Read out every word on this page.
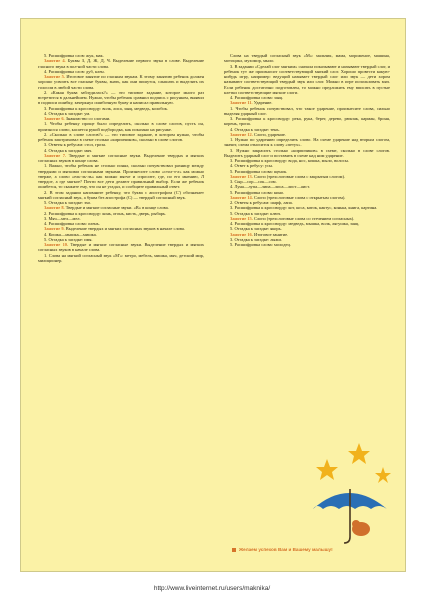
5. Расшифровка слов: жук, мак.

Занятие 4. Буквы З, Д, Ж, Д, Ч. Выделение первого звука в слове. Выделение гласного звука в пол-ной части слова.

4. Расшифровка слов: дуб, клен.

Занятие 5. Итоговое занятие по гласным звукам. К этому занятию ребенок должен хорошо усвоить все гласные буквы, знать, как они пишутся, слышать и выделять их голосом в любой части слова.

2. «Какая буква заблудилась?» — это типовое задание, которое много раз встретится в дальнейшем. Нужно, чтобы ребенок сравнил подпись с рисунком, выявил в подписи ошибку, зачеркнул ошибочную букву и написал правильную.

3. Расшифровка к кроссворду: волк, лиса, заяц, медведь, колобок.

4. Отгадка к загадке: ум.

Занятие 6. Знакомство со слогами.

1. Чтобы ребенку проще было определить, сколько в слове слогов, пусть он, произнося слово, касается рукой подбородка, как показано на рисунке.

2. «Сколько в слове слогов?» — это типовое задание, в котором нужно, чтобы ребенок заштриховал в схеме столько «кирпичиков», сколько в слове слогов.

3. Ответы к ребусам: стол, гроза.

4. Отгадка к загадке: мяч.

Занятие 7. Твердые и мягкие согласные звуки. Выделение твердых и мягких согласных звуков в конце слова.

1. Важно, чтобы ребенок не столько понял, сколько почувствовал разницу между твердыми и мягкими согласными звуками. Произнесите слово «стол-э-л» как можно тверже, а слово «ель-ль-ль» как можно мягче и спросите, где, по его мнению, Л твердое, а где мягкое? Почти все дети делают правильный выбор. Если же ребенок ошибется, то скажите ему, что он не угадал, и сообщите правильный ответ.

2. В этом задании напомните ребенку, что буква с апострофом (С') обозначает мягкий согласный звук, а буква без апострофа (С) — твердый согласный звук.

5. Отгадка к загадке: эхо.

Занятие 8. Твердые и мягкие согласные звуки. «В» в конце слова.

2. Расшифровка к кроссворду: конь, огонь, кисть, дверь, рыбарь.

3. Мяч—мел—мел.

4. Расшифровка слова: олень.

Занятие 9. Выделение твердых и мягких согласных звуков в начале слова.

4. Кошка—мышка—мишка.

5. Отгадка к загадке: имя.

Занятие 10. Твердые и мягкие согласные звуки. Выделение твердых и мягких согласных звуков в начале слова.

1. Слова на мягкий согласный звук «М'»: метро, мебель, мишка, мяч, детский мир, милиционер.

Слова на твердый согласный звук «М»: мальчик, мама, мороженое, машина, мотоцикл, мухомор, мыло.

3. В задании «Сделай слог мягким» сначала показывают и называют твердый слог, и ребенок тут же произносит соответствующий мягкий слог. Хорошо провести какую-нибудь игру, например: ведущий называет твердый слог или звук — дети хором называют соответствующий твердый звук или слог. Можно в игре использовать мяч. Если ребенок достаточно подготовлен, то можно предложить ему вписать в пустые клетки соответствующие мягкие слоги.

4. Расшифровка слова: заяц.

Занятие 11. Ударение.

1. Чтобы ребенок почувствовал, что такое ударение, произнесите слова, сильно выделяя ударный слог.

3. Расшифровка к кроссворду: река, рука, берег, дерево, рюкзак, карман, броня, корень, тропа.

4. Отгадка к загадке: тень.

Занятие 12. Слоги, ударение.

1. Нужно по ударению определить слово. На схеме ударение над вторым слогом, значит, схема относится к слову «петух».

3. Нужно закрасить столько «кирпичиков» в схеме, сколько в слове слогов. Выделить ударный слог и поставить в схеме над ним ударение.

3. Расшифровка к кроссворду: вода, нос, кошка, мыло, волосы.

4. Ответ к ребусу: усы.

5. Расшифровка слова: щенок.

Занятие 13. Слоги (трехслоговые слова с закрытым слогом).

3. Сыр—сор—сок—сом.

4. Луна—лупа—липа—лиса—лист—аист.

5. Расшифровка слова: кино.

Занятие 14. Слоги (трехслоговые слова с открытым слогом).

2. Ответы к ребусам: шарф, лапа.

3. Расшифровка к кроссворду: кот, коса, каток, кактус, конька, книга, картина.

5. Отгадка к загадке: ключ.

Занятие 15. Слоги (трехслоговые слова со стечением согласных).

4. Расшифровка к кроссворду: медведь, мышка, волк, лягушка, заяц.

5. Отгадка к загадке: якорь.

Занятие 16. Итоговое занятие.

3. Отгадка к загадке: лыжи.

5. Расшифровка слова: молодец.

Желаем успехов Вам и Вашему малышу!
http://www.liveinternet.ru/users/maknika/
